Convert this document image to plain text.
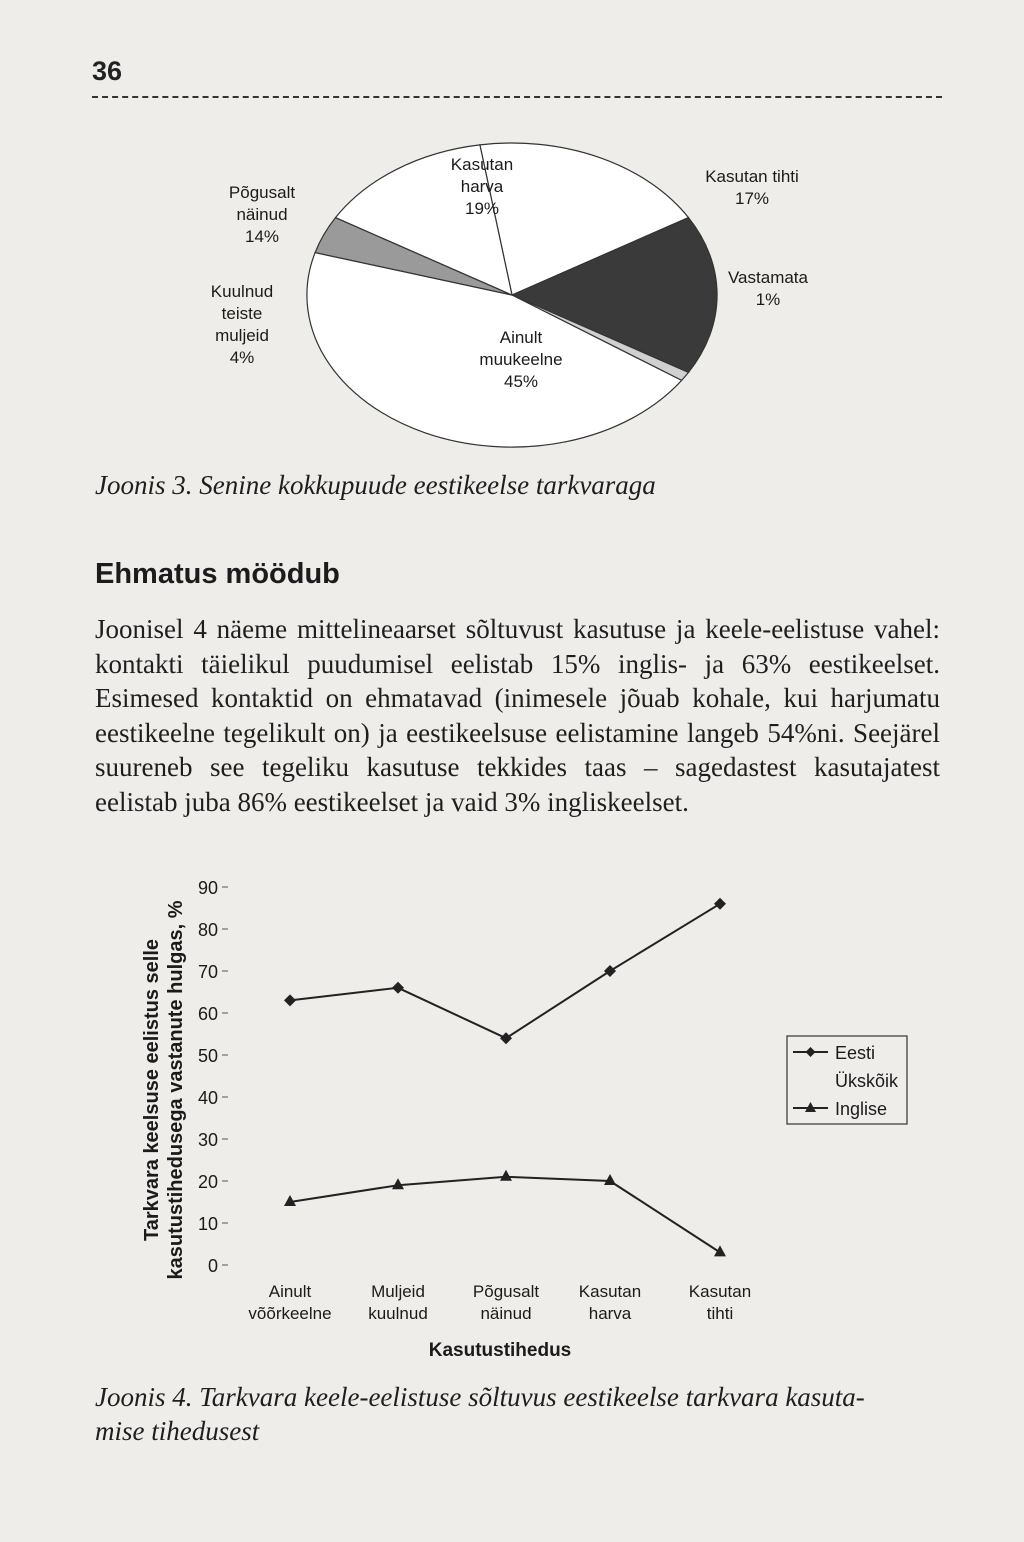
36
Kasutan harva 19%
Kasutan tihti 17%
Vastamata 1%
Ainult muukeelne 45%
Kuulnud teiste muljeid 4%
Põgusalt näinud 14%
Joonis 3. Senine kokkupuude eestikeelse tarkvaraga
Ehmatus möödub
Joonisel 4 näeme mittelineaarset sõltuvust kasutuse ja keele-eelistuse vahel: kontakti täielikul puudumisel eelistab 15% inglis- ja 63% eestikeelset. Esimesed kontaktid on ehmatavad (inimesele jõuab kohale, kui harjumatu eestikeelne tegelikult on) ja eestikeelsuse eelistamine langeb 54%ni. Seejärel suureneb see tegeliku kasutuse tekkides taas – sagedastest kasutajatest eelistab juba 86% eestikeelset ja vaid 3% ingliskeelset.
Tarkvara keelsuse eelistus selle kasutustihedusega vastanute hulgas, % 0
10
20
30
40
50
60
70
80
90
Ainult võõrkeelne
Muljeid kuulnud
Põgusalt näinud
Kasutan harva
Kasutan tihti
Kasutustihedus
Eesti
Ükskõik
Inglise
Joonis 4. Tarkvara keele-eelistuse sõltuvus eestikeelse tarkvara kasuta-
mise tihedusest
